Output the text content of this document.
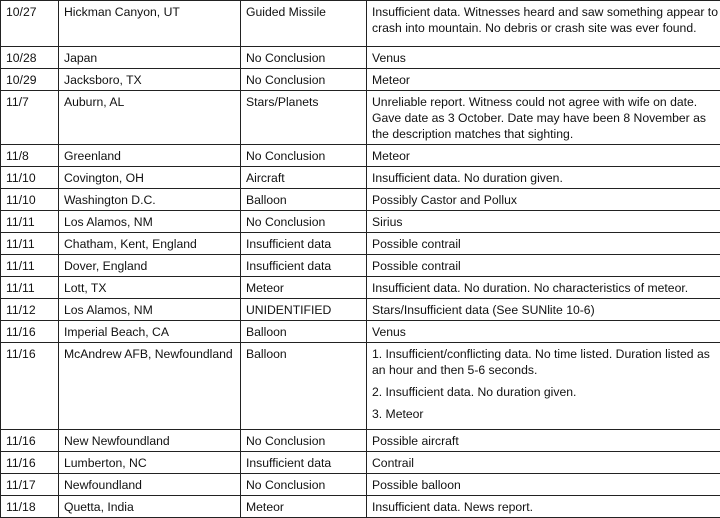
10/27	Hickman Canyon, UT	Guided Missile	Insufficient data. Witnesses heard and saw something appear to crash into mountain. No debris or crash site was ever found.

10/28	Japan	No Conclusion	Venus

10/29	Jacksboro, TX	No Conclusion	Meteor

11/7	Auburn, AL	Stars/Planets	Unreliable report. Witness could not agree with wife on date. Gave date as 3 October. Date may have been 8 November as the description matches that sighting.

11/8	Greenland	No Conclusion	Meteor

11/10	Covington, OH	Aircraft	Insufficient data. No duration given.

11/10	Washington D.C.	Balloon	Possibly Castor and Pollux

11/11	Los Alamos, NM	No Conclusion	Sirius

11/11	Chatham, Kent, England	Insufficient data	Possible contrail

11/11	Dover, England	Insufficient data	Possible contrail

11/11	Lott, TX	Meteor	Insufficient data. No duration. No characteristics of meteor.

11/12	Los Alamos, NM	UNIDENTIFIED	Stars/Insufficient data (See SUNlite 10-6)

11/16	Imperial Beach, CA	Balloon	Venus

11/16	McAndrew AFB, Newfoundland	Balloon	1. Insufficient/conflicting data. No time listed. Duration listed as an hour and then 5-6 seconds.
2. Insufficient data. No duration given.
3. Meteor

11/16	New Newfoundland	No Conclusion	Possible aircraft

11/16	Lumberton, NC	Insufficient data	Contrail

11/17	Newfoundland	No Conclusion	Possible balloon

11/18	Quetta, India	Meteor	Insufficient data. News report.
